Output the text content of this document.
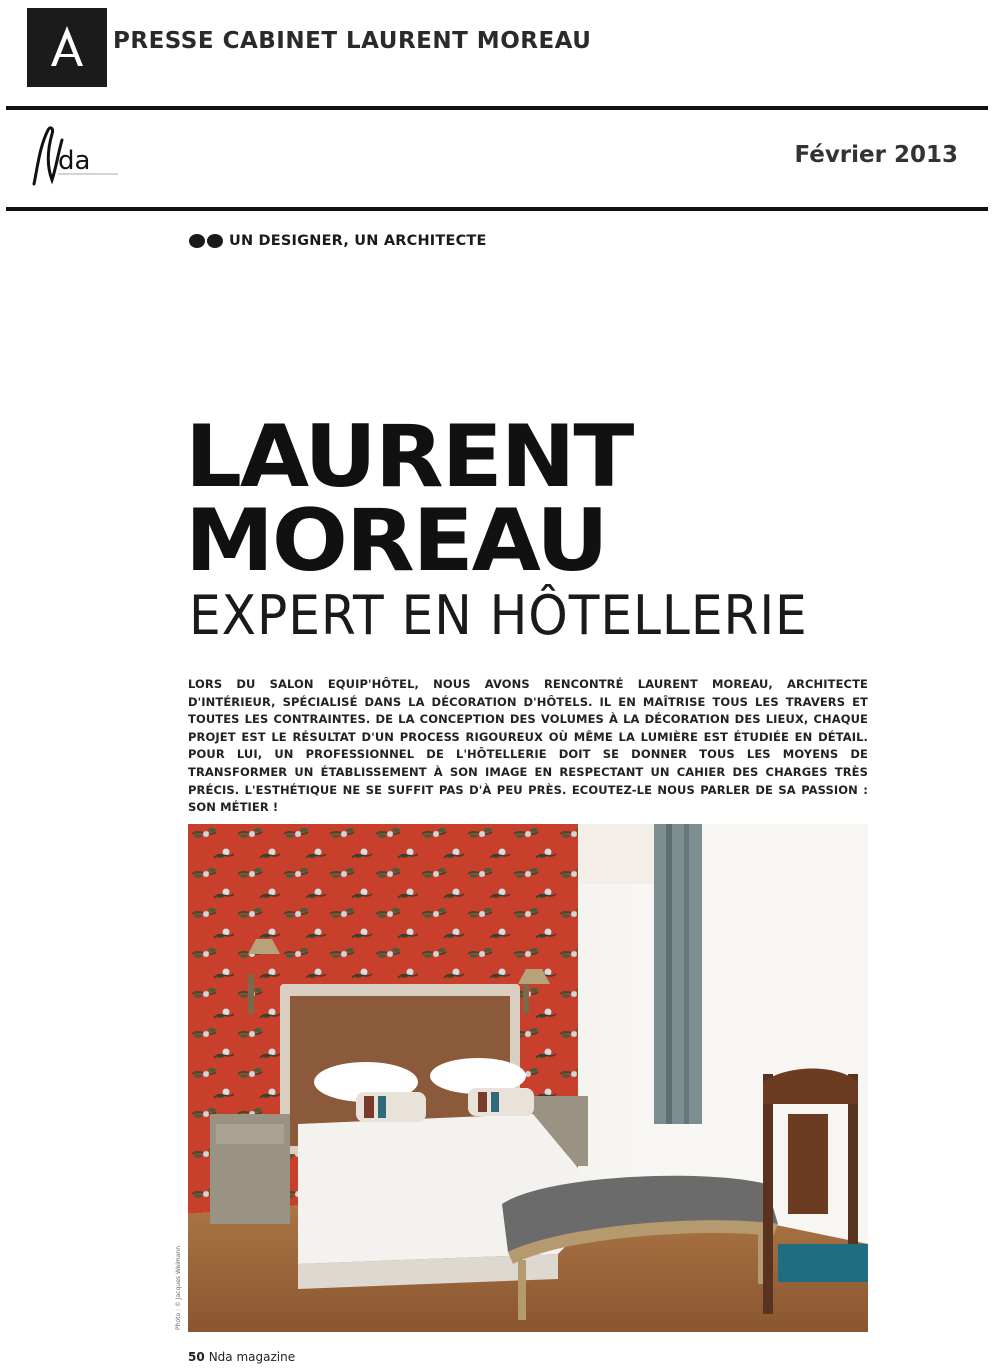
PRESSE CABINET LAURENT MOREAU
da	Février 2013
UN DESIGNER, UN ARCHITECTE
LAURENT
MOREAU
EXPERT EN HÔTELLERIE
LORS DU SALON EQUIP'HÔTEL, NOUS AVONS RENCONTRÉ LAURENT MOREAU, ARCHITECTE D'INTÉRIEUR, SPÉCIALISÉ DANS LA DÉCORATION D'HÔTELS. IL EN MAÎTRISE TOUS LES TRAVERS ET TOUTES LES CONTRAINTES. DE LA CONCEPTION DES VOLUMES À LA DÉCORATION DES LIEUX, CHAQUE PROJET EST LE RÉSULTAT D'UN PROCESS RIGOUREUX OÙ MÊME LA LUMIÈRE EST ÉTUDIÉE EN DÉTAIL. POUR LUI, UN PROFESSIONNEL DE L'HÔTELLERIE DOIT SE DONNER TOUS LES MOYENS DE TRANSFORMER UN ÉTABLISSEMENT À SON IMAGE EN RESPECTANT UN CAHIER DES CHARGES TRÈS PRÉCIS. L'ESTHÉTIQUE NE SE SUFFIT PAS D'À PEU PRÈS. ECOUTEZ-LE NOUS PARLER DE SA PASSION : SON MÉTIER !
Photo : © Jacques Weimann
50 Nda magazine
